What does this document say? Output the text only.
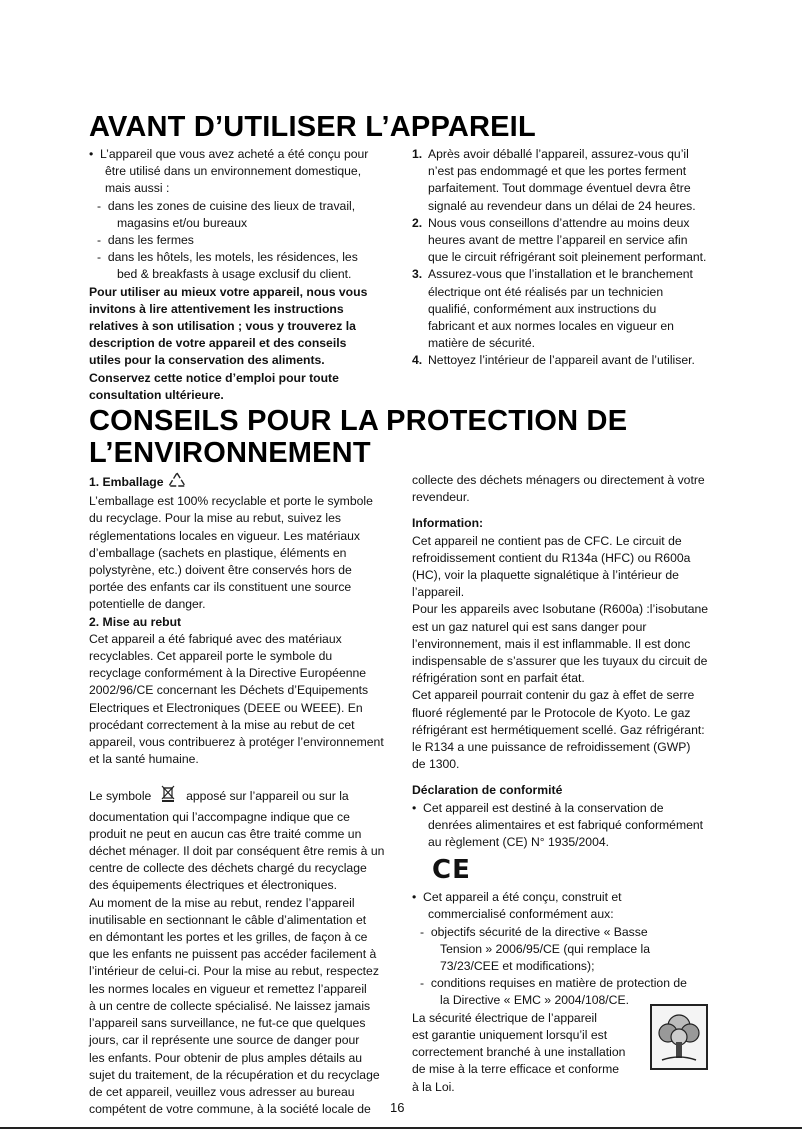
AVANT D’UTILISER L’APPAREIL

•  L’appareil que vous avez acheté a été conçu pour

être utilisé dans un environnement domestique,

mais aussi :

-  dans les zones de cuisine des lieux de travail,

magasins et/ou bureaux

-  dans les fermes

-  dans les hôtels, les motels, les résidences, les

bed & breakfasts à usage exclusif du client.

Pour utiliser au mieux votre appareil, nous vous

invitons à lire attentivement les instructions

relatives à son utilisation ; vous y trouverez la

description de votre appareil et des conseils

utiles pour la conservation des aliments.

Conservez cette notice d’emploi pour toute

consultation ultérieure.

1. Après avoir déballé l’appareil, assurez-vous qu’il

n’est pas endommagé et que les portes ferment

parfaitement. Tout dommage éventuel devra être

signalé au revendeur dans un délai de 24 heures.

2. Nous vous conseillons d’attendre au moins deux

heures avant de mettre l’appareil en service afin

que le circuit réfrigérant soit pleinement performant.

3. Assurez-vous que l’installation et le branchement

électrique ont été réalisés par un technicien

qualifié, conformément aux instructions du

fabricant et aux normes locales en vigueur en

matière de sécurité.

4. Nettoyez l’intérieur de l’appareil avant de l’utiliser.

CONSEILS POUR LA PROTECTION DE
L’ENVIRONNEMENT

1. Emballage

L’emballage est 100% recyclable et porte le symbole

du recyclage. Pour la mise au rebut, suivez les

réglementations locales en vigueur. Les matériaux

d’emballage (sachets en plastique, éléments en

polystyrène, etc.) doivent être conservés hors de

portée des enfants car ils constituent une source

potentielle de danger.

2. Mise au rebut

Cet appareil a été fabriqué avec des matériaux

recyclables. Cet appareil porte le symbole du

recyclage conformément à la Directive Européenne

2002/96/CE concernant les Déchets d’Equipements

Electriques et Electroniques (DEEE ou WEEE). En

procédant correctement à la mise au rebut de cet

appareil, vous contribuerez à protéger l’environnement

et la santé humaine.

Le symbole	apposé sur l’appareil ou sur la

documentation qui l’accompagne indique que ce

produit ne peut en aucun cas être traité comme un

déchet ménager. Il doit par conséquent être remis à un

centre de collecte des déchets chargé du recyclage

des équipements électriques et électroniques.

Au moment de la mise au rebut, rendez l’appareil

inutilisable en sectionnant le câble d’alimentation et

en démontant les portes et les grilles, de façon à ce

que les enfants ne puissent pas accéder facilement à

l’intérieur de celui-ci. Pour la mise au rebut, respectez

les normes locales en vigueur et remettez l’appareil

à un centre de collecte spécialisé. Ne laissez jamais

l’appareil sans surveillance, ne fut-ce que quelques

jours, car il représente une source de danger pour

les enfants. Pour obtenir de plus amples détails au

sujet du traitement, de la récupération et du recyclage

de cet appareil, veuillez vous adresser au bureau

compétent de votre commune, à la société locale de

collecte des déchets ménagers ou directement à votre

revendeur.

Information:

Cet appareil ne contient pas de CFC. Le circuit de

refroidissement contient du R134a (HFC) ou R600a

(HC), voir la plaquette signalétique à l’intérieur de

l’appareil.

Pour les appareils avec Isobutane (R600a) :l’isobutane

est un gaz naturel qui est sans danger pour

l’environnement, mais il est inflammable. Il est donc

indispensable de s’assurer que les tuyaux du circuit de

réfrigération sont en parfait état.

Cet appareil pourrait contenir du gaz à effet de serre

fluoré réglementé par le Protocole de Kyoto. Le gaz

réfrigérant est hermétiquement scellé. Gaz réfrigérant:

le R134 a une puissance de refroidissement (GWP)

de 1300.

Déclaration de conformité

•  Cet appareil est destiné à la conservation de

denrées alimentaires et est fabriqué conformément

au règlement (CE) N° 1935/2004.

CE

•  Cet appareil a été conçu, construit et

commercialisé conformément aux:

-  objectifs sécurité de la directive « Basse

Tension » 2006/95/CE (qui remplace la

73/23/CEE et modifications);

-  conditions requises en matière de protection de

la Directive « EMC » 2004/108/CE.

La sécurité électrique de l’appareil

est garantie uniquement lorsqu’il est

correctement branché à une installation

de mise à la terre efficace et conforme

à la Loi.

16
